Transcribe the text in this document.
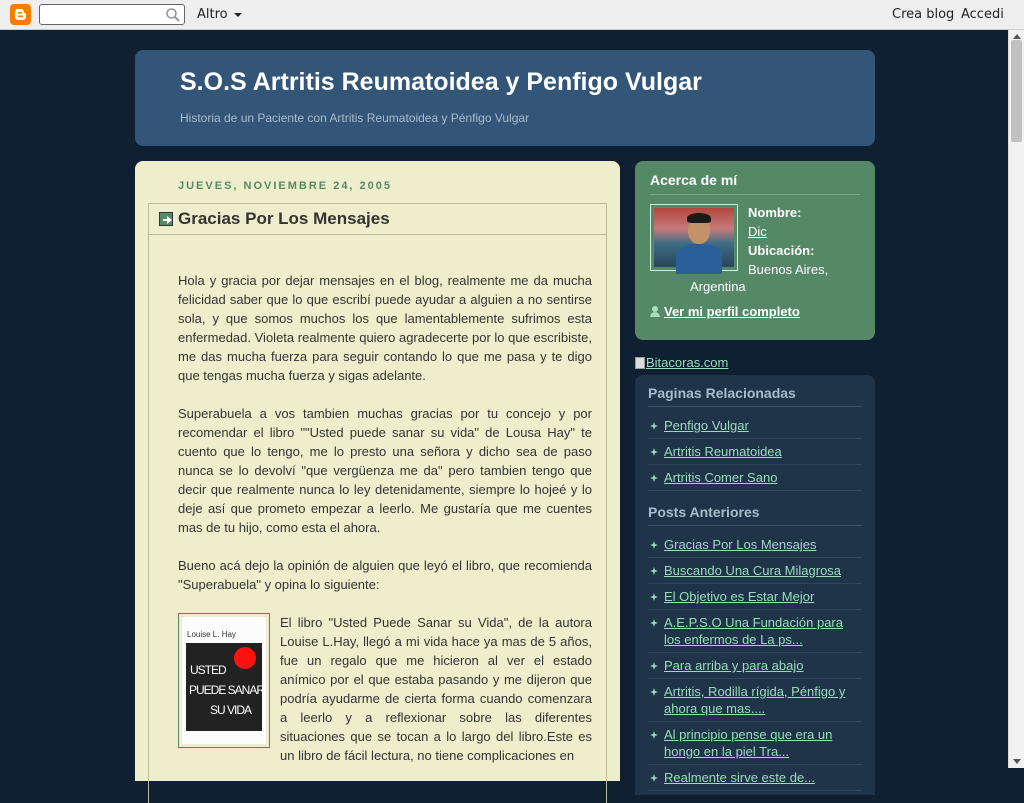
Altro	Crea blog Accedi
S.O.S Artritis Reumatoidea y Penfigo Vulgar
Historia de un Paciente con Artritis Reumatoidea y Pénfigo Vulgar
JUEVES, NOVIEMBRE 24, 2005
Gracias Por Los Mensajes

Hola y gracia por dejar mensajes en el blog, realmente me da mucha felicidad saber que lo que escribí puede ayudar a alguien a no sentirse sola, y que somos muchos los que lamentablemente sufrimos esta enfermedad. Violeta realmente quiero agradecerte por lo que escribiste, me das mucha fuerza para seguir contando lo que me pasa y te digo que tengas mucha fuerza y sigas adelante.

Superabuela a vos tambien muchas gracias por tu concejo y por recomendar el libro ""Usted puede sanar su vida" de Lousa Hay" te cuento que lo tengo, me lo presto una señora y dicho sea de paso nunca se lo devolví "que vergüenza me da" pero tambien tengo que decir que realmente nunca lo ley detenidamente, siempre lo hojeé y lo deje así que prometo empezar a leerlo. Me gustaría que me cuentes mas de tu hijo, como esta el ahora.

Bueno acá dejo la opinión de alguien que leyó el libro, que recomienda "Superabuela" y opina lo siguiente:

Louise L. Hay
USTED
PUEDE SANAR
SU VIDA

El libro "Usted Puede Sanar su Vida", de la autora Louise L.Hay, llegó a mi vida hace ya mas de 5 años, fue un regalo que me hicieron al ver el estado anímico por el que estaba pasando y me dijeron que podría ayudarme de cierta forma cuando comenzara a leerlo y a reflexionar sobre las diferentes situaciones que se tocan a lo largo del libro.Este es un libro de fácil lectura, no tiene complicaciones en

Acerca de mí
Nombre:
Dic
Ubicación:
Buenos Aires,
Argentina
Ver mi perfil completo
Bitacoras.com
Paginas Relacionadas
Penfigo Vulgar
Artritis Reumatoidea
Artritis Comer Sano
Posts Anteriores
Gracias Por Los Mensajes
Buscando Una Cura Milagrosa
El Objetivo es Estar Mejor
A.E.P.S.O Una Fundación para los enfermos de La ps...
Para arriba y para abajo
Artritis, Rodilla rígida, Pénfigo y ahora que mas....
Al principio pense que era un hongo en la piel Tra...
Realmente sirve este de...
